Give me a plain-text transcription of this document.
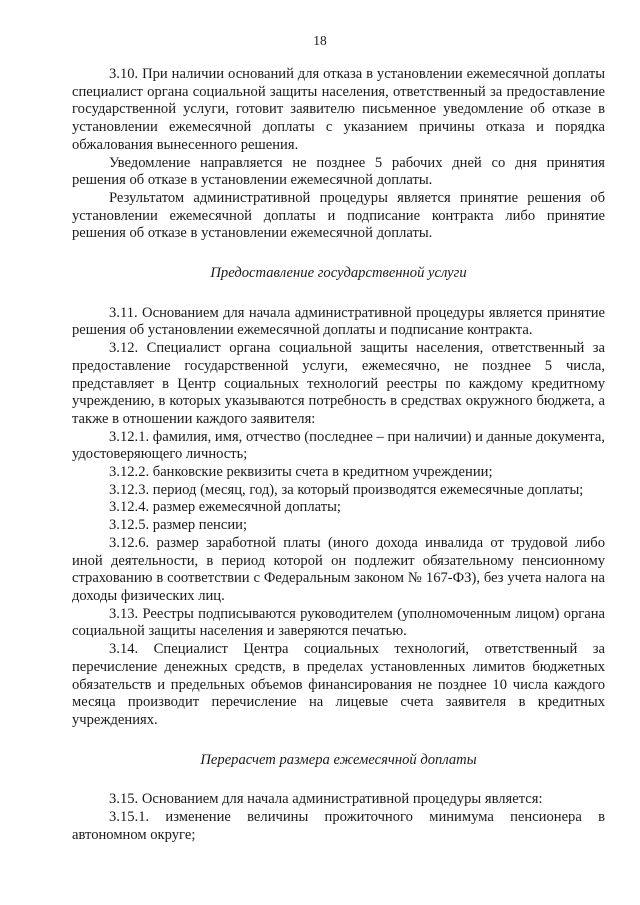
18

3.10. При наличии оснований для отказа в установлении ежемесячной доплаты специалист органа социальной защиты населения, ответственный за предоставление государственной услуги, готовит заявителю письменное уведомление об отказе в установлении ежемесячной доплаты с указанием причины отказа и порядка обжалования вынесенного решения.

Уведомление направляется не позднее 5 рабочих дней со дня принятия решения об отказе в установлении ежемесячной доплаты.

Результатом административной процедуры является принятие решения об установлении ежемесячной доплаты и подписание контракта либо принятие решения об отказе в установлении ежемесячной доплаты.

Предоставление государственной услуги

3.11. Основанием для начала административной процедуры является принятие решения об установлении ежемесячной доплаты и подписание контракта.

3.12. Специалист органа социальной защиты населения, ответственный за предоставление государственной услуги, ежемесячно, не позднее 5 числа, представляет в Центр социальных технологий реестры по каждому кредитному учреждению, в которых указываются потребность в средствах окружного бюджета, а также в отношении каждого заявителя:

3.12.1. фамилия, имя, отчество (последнее – при наличии) и данные документа, удостоверяющего личность;

3.12.2. банковские реквизиты счета в кредитном учреждении;

3.12.3. период (месяц, год), за который производятся ежемесячные доплаты;

3.12.4. размер ежемесячной доплаты;

3.12.5. размер пенсии;

3.12.6. размер заработной платы (иного дохода инвалида от трудовой либо иной деятельности, в период которой он подлежит обязательному пенсионному страхованию в соответствии с Федеральным законом № 167-ФЗ), без учета налога на доходы физических лиц.

3.13. Реестры подписываются руководителем (уполномоченным лицом) органа социальной защиты населения и заверяются печатью.

3.14. Специалист Центра социальных технологий, ответственный за перечисление денежных средств, в пределах установленных лимитов бюджетных обязательств и предельных объемов финансирования не позднее 10 числа каждого месяца производит перечисление на лицевые счета заявителя в кредитных учреждениях.

Перерасчет размера ежемесячной доплаты

3.15. Основанием для начала административной процедуры является:

3.15.1. изменение величины прожиточного минимума пенсионера в автономном округе;
